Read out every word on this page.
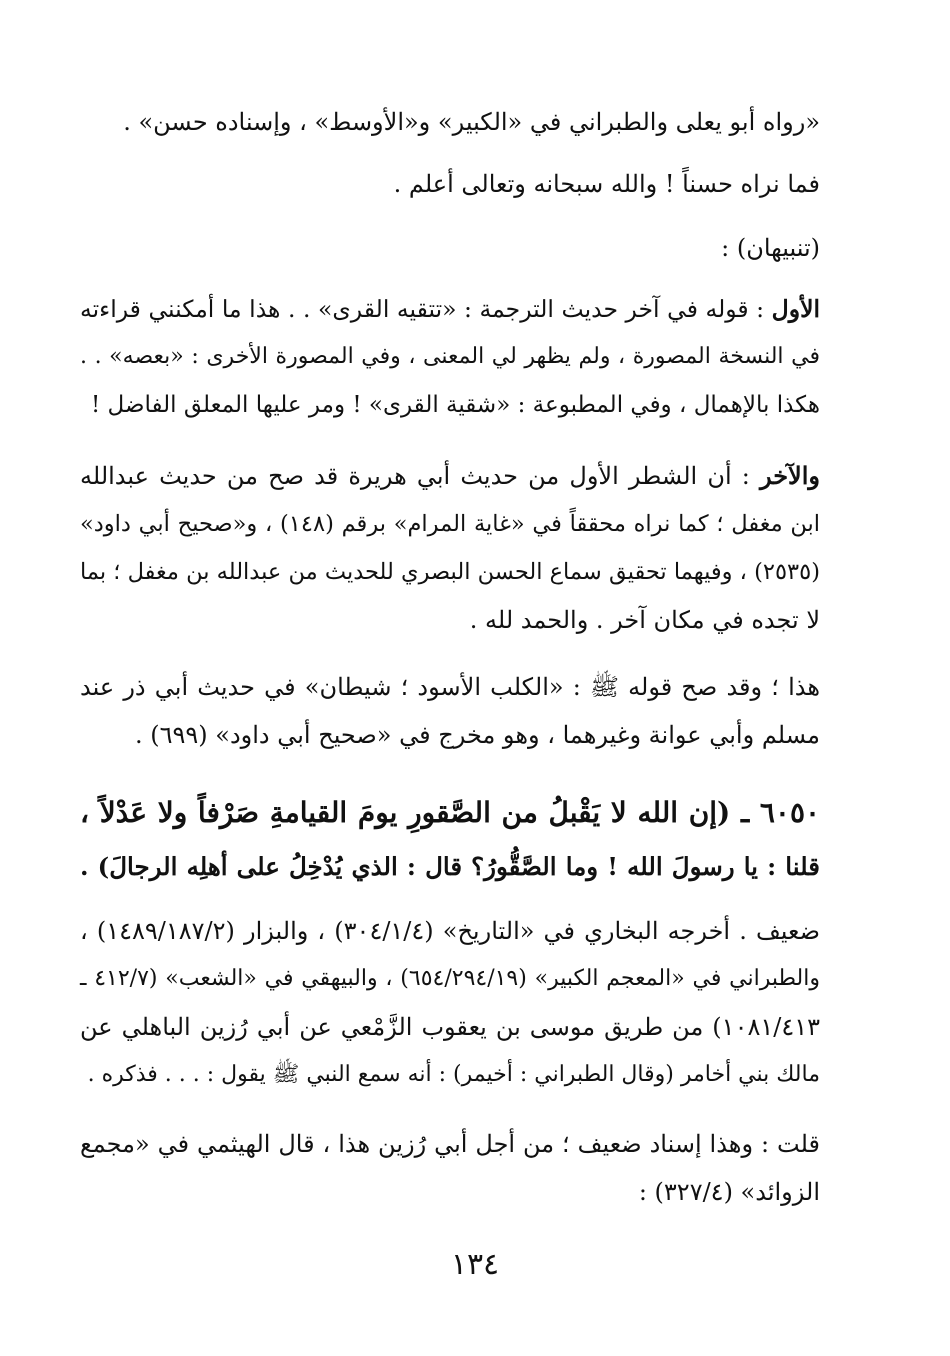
«رواه أبو يعلى والطبراني في «الكبير» و«الأوسط» ، وإسناده حسن» .
فما نراه حسناً ! والله سبحانه وتعالى أعلم .
(تنبيهان) :
الأول : قوله في آخر حديث الترجمة : «تتقيه القرى» . . هذا ما أمكنني قراءته
في النسخة المصورة ، ولم يظهر لي المعنى ، وفي المصورة الأخرى : «بعصه» . .
هكذا بالإهمال ، وفي المطبوعة : «شقية القرى» ! ومر عليها المعلق الفاضل !
والآخر : أن الشطر الأول من حديث أبي هريرة قد صح من حديث عبدالله
ابن مغفل ؛ كما نراه محققاً في «غاية المرام» برقم (١٤٨) ، و«صحيح أبي داود»
(٢٥٣٥) ، وفيهما تحقيق سماع الحسن البصري للحديث من عبدالله بن مغفل ؛ بما
لا تجده في مكان آخر . والحمد لله .
هذا ؛ وقد صح قوله ﷺ : «الكلب الأسود ؛ شيطان» في حديث أبي ذر عند
مسلم وأبي عوانة وغيرهما ، وهو مخرج في «صحيح أبي داود» (٦٩٩) .
٦٠٥٠ ـ (إن الله لا يَقْبلُ من الصَّقورِ يومَ القيامةِ صَرْفاً ولا عَدْلاً ،
قلنا : يا رسولَ الله ! وما الصَّقُّورُ؟ قال : الذي يُدْخِلُ على أهلِه الرجالَ) .
ضعيف . أخرجه البخاري في «التاريخ» (٣٠٤/١/٤) ، والبزار (١٤٨٩/١٨٧/٢) ،
والطبراني في «المعجم الكبير» (٦٥٤/٢٩٤/١٩) ، والبيهقي في «الشعب» (٤١٢/٧ ـ
١٠٨١/٤١٣) من طريق موسى بن يعقوب الزَّمْعي عن أبي رُزين الباهلي عن
مالك بني أخامر (وقال الطبراني : أخيمر) : أنه سمع النبي ﷺ يقول : . . . فذكره .
قلت : وهذا إسناد ضعيف ؛ من أجل أبي رُزين هذا ، قال الهيثمي في «مجمع
الزوائد» (٣٢٧/٤) :
١٣٤
